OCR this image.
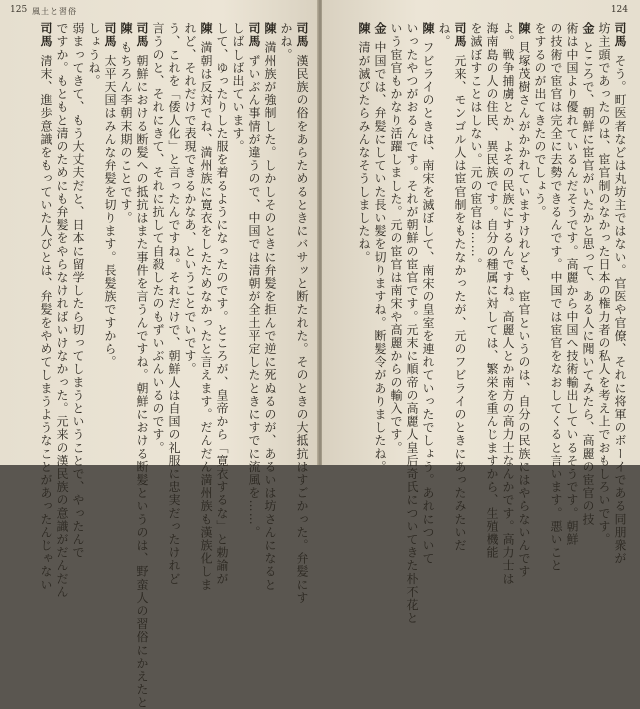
125 風土と習俗
司馬漢民族の俗をあらためるときにバサッと断たれた。そのときの大抵抗はすごかった。弁髪にす
かね。
陳満州族が強制した。しかしそのときに弁髪を拒んで逆に死ぬるのが、あるいは坊さんになると
司馬ずいぶん事情が違うので、中国では清朝が全土平定したときにすでに流風を……。
しばしば出ています。
して、ゆったりした服を着るようになったのです。ところが、皇帝から「寛衣するな」と勅諭が
陳満朝は反対でね、満州族に寛衣をしたためなかったと言えます。だんだん満州族も漢族化しま
れど、それだけで表現できるかなあ、ということでいです。
う、これを「倭人化」と言ったんですね。それだけで、朝鮮人は自国の礼服に忠実だったけれど
言うのと、それにきて、それに抗して自殺したのもずいぶんいるのです。
司馬朝鮮における断髪への抵抗はまた事件を言うんですね。朝鮮における断髪というのは、野蛮人の習俗にかえたと
陳もちろん李朝末期のことです。
司馬太平天国はみんな弁髪を切ります。長髪族ですから。
しょうね。
弱まってきて、もう大丈夫だと、日本に留学したら切ってしまうということで、やったんで
ですか。もともと清のためにも弁髪をやらなければいけなかった。元来の漢民族の意識がだんだん
司馬清末、進歩意識をもっていた人びとは、弁髪をやめてしまうようなことがあったんじゃない
124
司馬そう。町医者などは丸坊主ではない。官医や官僚、それに将軍のボーイである同朋衆が
坊主頭であったのは、宦官制のなかった日本の権力者の私人を考え上でおもしろいです。
金ところで、朝鮮に宦官がいたかと思って、ある人に聞いてみたら、高麗の宦官の技
術は中国より優れているんだそうです。高麗から中国へ技術輸出しているそうです。朝鮮
の技術で宦官は完全に去勢できるんです。中国では宦官をなおしてくると言います。悪いこと
をするのが出てきたのでしょう。
陳貝塚茂樹さんがかかれていますけれども、宦官というのは、自分の民族にはやらないんです
よ。戦争捕虜とか、よその民族にするんですね。高麗人とか南方の高力士なんかです。高力士は
海南島の人の住民、異民族です。自分の種属に対しては、繁栄を重んじますから、生殖機能
を滅ぼすことはしない。元の宦官は……。
司馬元来、モンゴル人は宦官制をもたなかったが、元のフビライのときにあったみたいだ
ね。
陳フビライのときは、南宋を滅ぼして、南宋の皇室を連れていったでしょう。あれについて
いったやつがおるんです。それが朝鮮の宦官です。元末に順帝の高麗人皇后奇氏についてきた朴不花と
いう宦官もかなり活躍しました。元の宦官は南宋や高麗からの輸入です。
金中国では、弁髪にしていた長い髪を切りますね。断髪令がありましたね。
陳清が滅びたらみんなそうしましたね。
